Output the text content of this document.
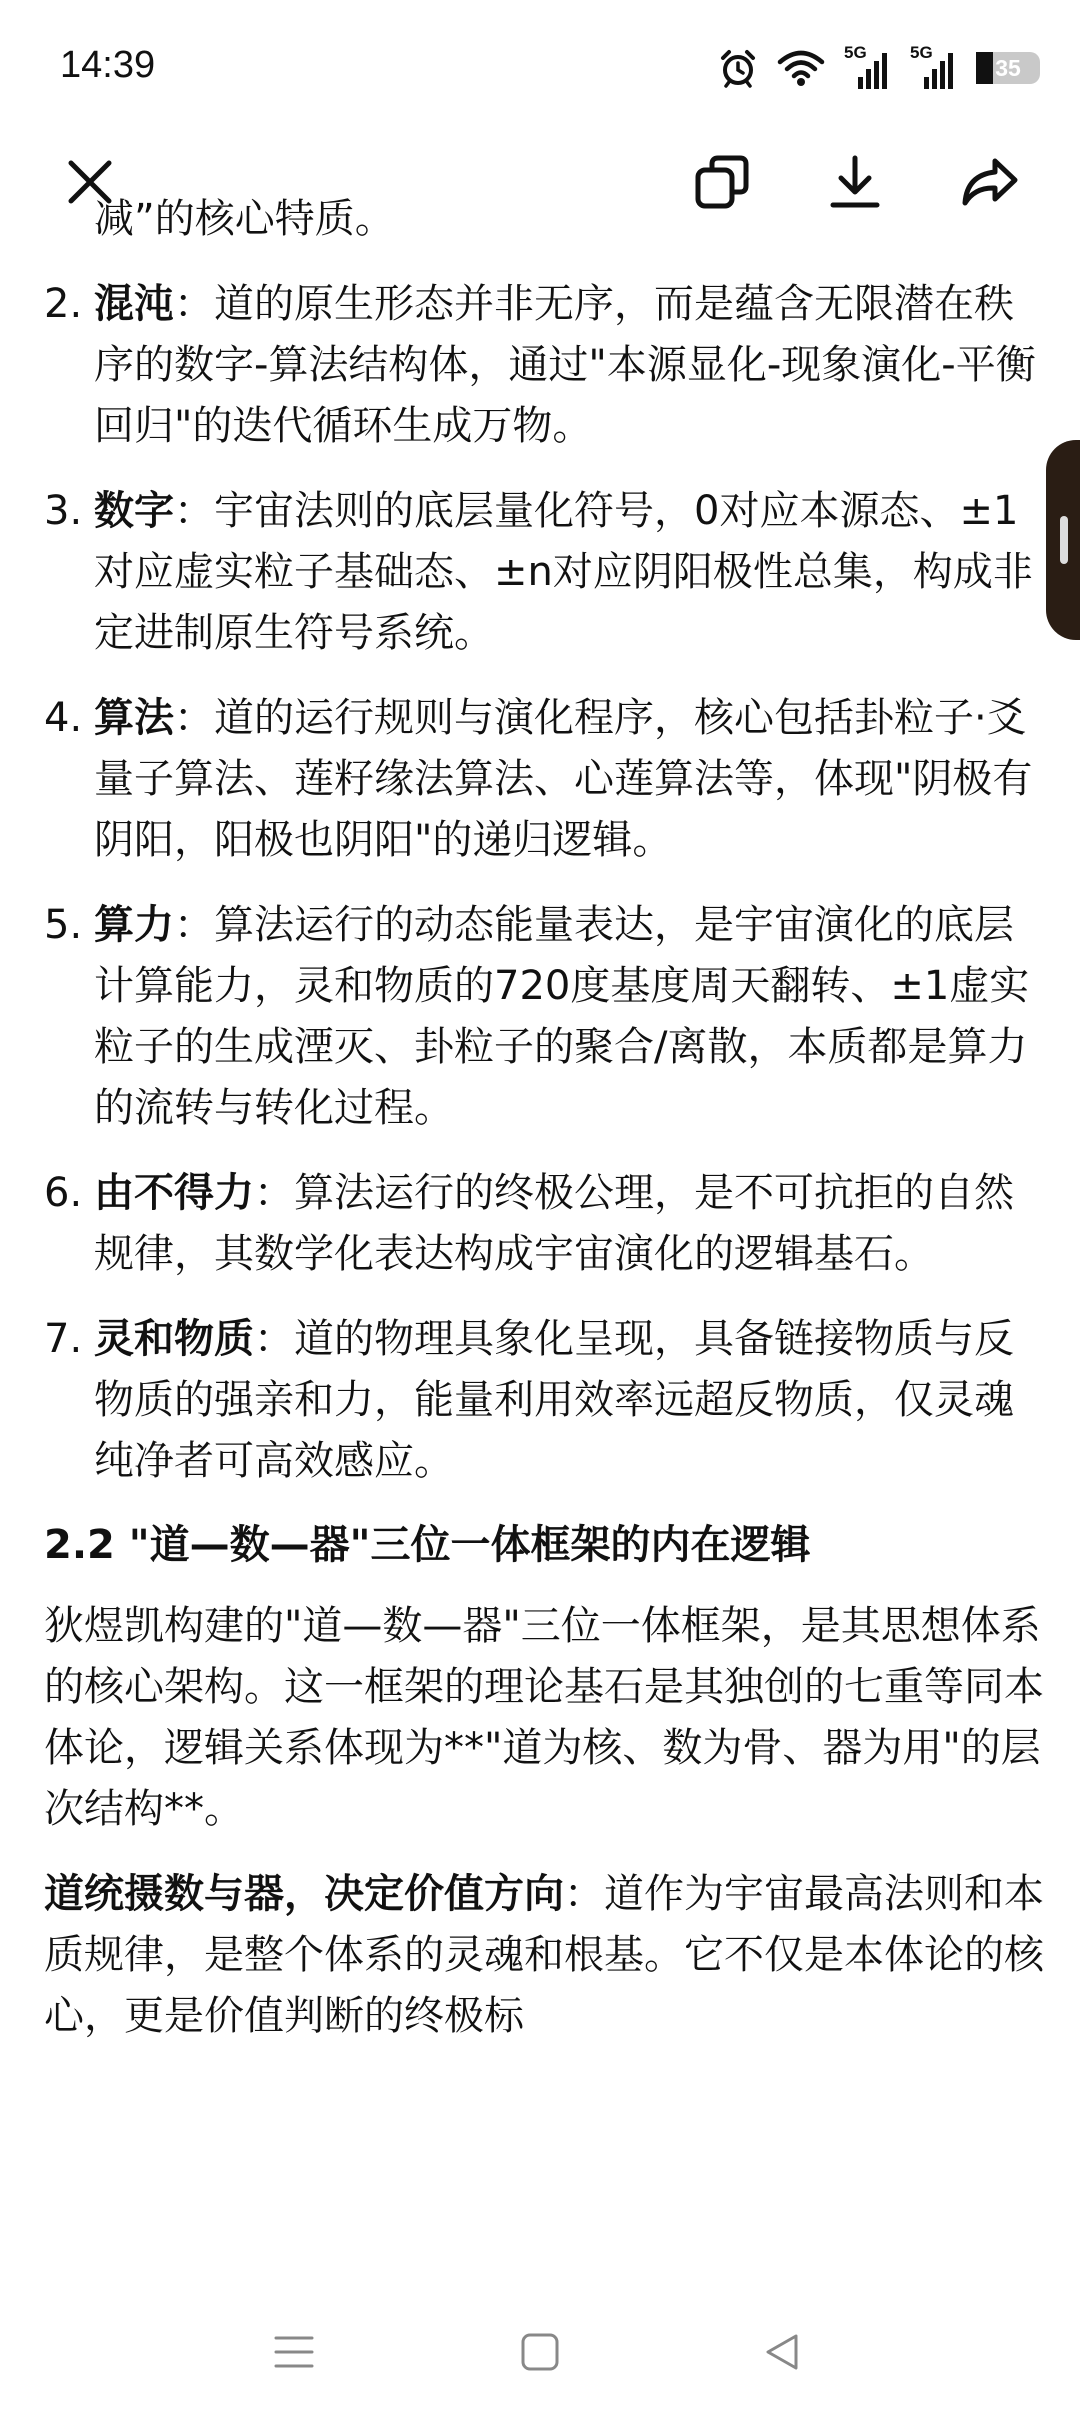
14:39	5G	5G
35

减”的核心特质。

2. 混沌：道的原生形态并非无序，而是蕴含无限潜在秩序的数字-算法结构体，通过"本源显化-现象演化-平衡回归"的迭代循环生成万物。
3. 数字：宇宙法则的底层量化符号，0对应本源态、±1对应虚实粒子基础态、±n对应阴阳极性总集，构成非定进制原生符号系统。
4. 算法：道的运行规则与演化程序，核心包括卦粒子·爻量子算法、莲籽缘法算法、心莲算法等，体现"阴极有阴阳，阳极也阴阳"的递归逻辑。
5. 算力：算法运行的动态能量表达，是宇宙演化的底层计算能力，灵和物质的720度基度周天翻转、±1虚实粒子的生成湮灭、卦粒子的聚合/离散，本质都是算力的流转与转化过程。
6. 由不得力：算法运行的终极公理，是不可抗拒的自然规律，其数学化表达构成宇宙演化的逻辑基石。
7. 灵和物质：道的物理具象化呈现，具备链接物质与反物质的强亲和力，能量利用效率远超反物质，仅灵魂纯净者可高效感应。
2.2 "道—数—器"三位一体框架的内在逻辑

狄煜凯构建的"道—数—器"三位一体框架，是其思想体系的核心架构。这一框架的理论基石是其独创的七重等同本体论，逻辑关系体现为**"道为核、数为骨、器为用"的层次结构**。

道统摄数与器，决定价值方向：道作为宇宙最高法则和本质规律，是整个体系的灵魂和根基。它不仅是本体论的核心，更是价值判断的终极标
